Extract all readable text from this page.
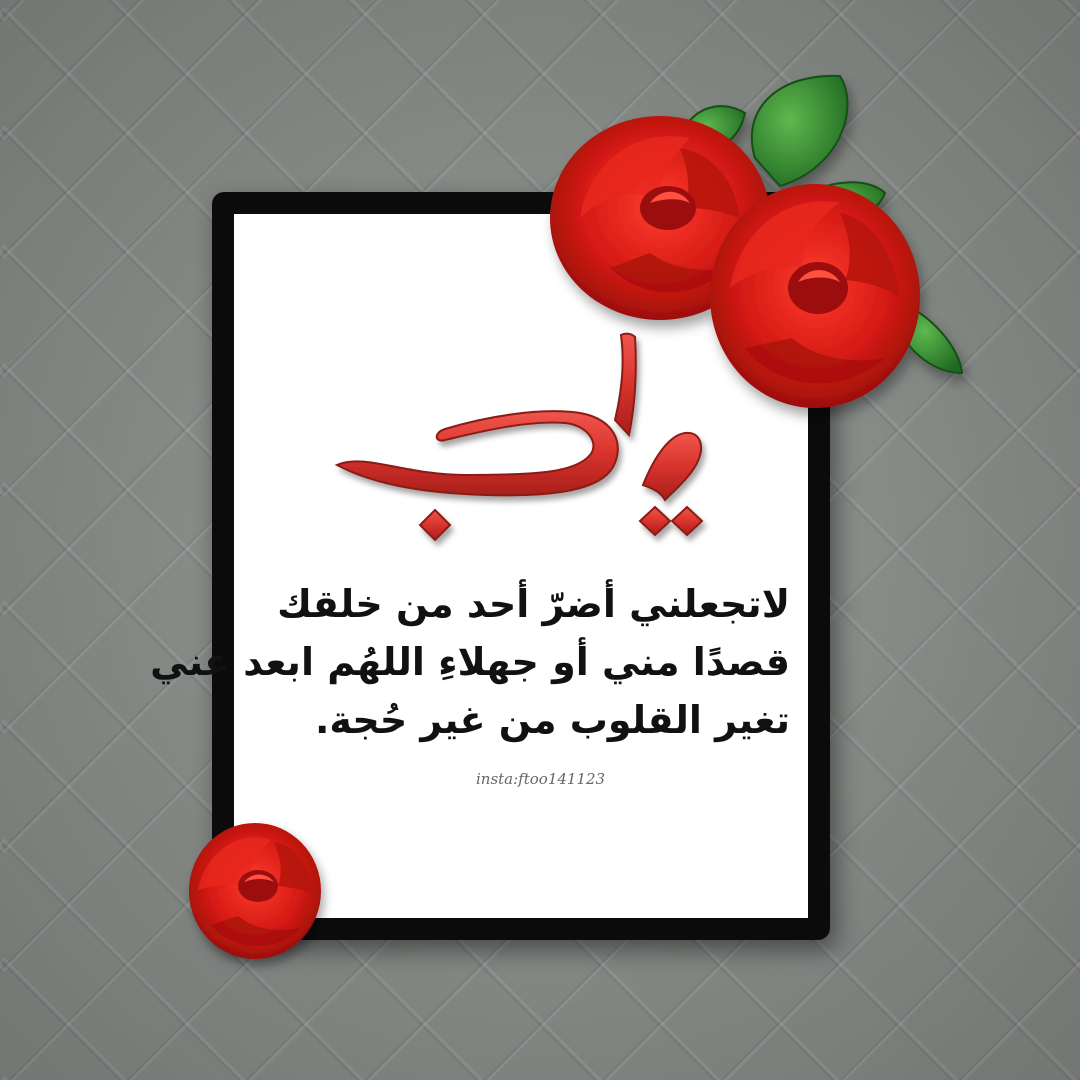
لاتجعلني أضرّ أحد من خلقك
قصدًا مني أو جهلاءِ اللهُم ابعد عني
تغير القلوب من غير حُجة.
insta:ftoo141123
